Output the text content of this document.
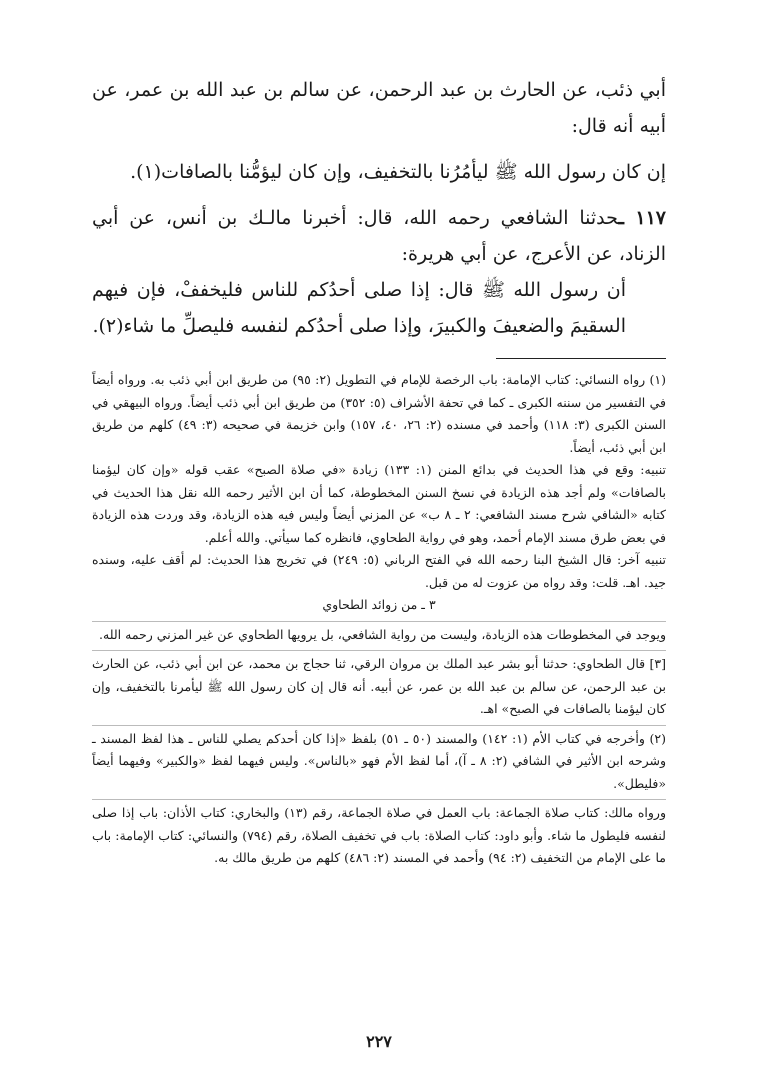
أبي ذئب، عن الحارث بن عبد الرحمن، عن سالم بن عبد الله بن عمر، عن أبيه أنه قال:

إن كان رسول الله ﷺ ليأمُرُنا بالتخفيف، وإن كان ليؤمُّنا بالصافات(١).

١١٧ ـحدثنا الشافعي رحمه الله، قال: أخبرنا مالـك بن أنس، عن أبي الزناد، عن الأعرج، عن أبي هريرة:

أن رسول الله ﷺ قال: إذا صلى أحدُكم للناس فليخففْ، فإن فيهم السقيمَ والضعيفَ والكبيرَ، وإذا صلى أحدُكم لنفسه فليصلِّ ما شاء(٢).

(١) رواه النسائي: كتاب الإمامة: باب الرخصة للإمام في التطويل (٢: ٩٥) من طريق ابن أبي ذئب به. ورواه أيضاً في التفسير من سننه الكبرى ـ كما في تحفة الأشراف (٥: ٣٥٢) من طريق ابن أبي ذئب أيضاً. ورواه البيهقي في السنن الكبرى (٣: ١١٨) وأحمد في مسنده (٢: ٢٦، ٤٠، ١٥٧) وابن خزيمة في صحيحه (٣: ٤٩) كلهم من طريق ابن أبي ذئب، أيضاً.

تنبيه: وقع في هذا الحديث في بدائع المنن (١: ١٣٣) زيادة «في صلاة الصبح» عقب قوله «وإن كان ليؤمنا بالصافات» ولم أجد هذه الزيادة في نسخ السنن المخطوطة، كما أن ابن الأثير رحمه الله نقل هذا الحديث في كتابه «الشافي شرح مسند الشافعي: ٢ ـ ٨ ب» عن المزني أيضاً وليس فيه هذه الزيادة، وقد وردت هذه الزيادة في بعض طرق مسند الإمام أحمد، وهو في رواية الطحاوي، فانظره كما سيأتي. والله أعلم.

تنبيه آخر: قال الشيخ البنا رحمه الله في الفتح الرباني (٥: ٢٤٩) في تخريج هذا الحديث: لم أقف عليه، وسنده جيد. اهـ. قلت: وقد رواه من عزوت له من قبل.

٣ ـ من زوائد الطحاوي

ويوجد في المخطوطات هذه الزيادة، وليست من رواية الشافعي، بل يرويها الطحاوي عن غير المزني رحمه الله.

[٣] قال الطحاوي: حدثنا أبو بشر عبد الملك بن مروان الرقي، ثنا حجاج بن محمد، عن ابن أبي ذئب، عن الحارث بن عبد الرحمن، عن سالم بن عبد الله بن عمر، عن أبيه. أنه قال إن كان رسول الله ﷺ ليأمرنا بالتخفيف، وإن كان ليؤمنا بالصافات في الصبح» اهـ.

(٢) وأخرجه في كتاب الأم (١: ١٤٢) والمسند (٥٠ ـ ٥١) بلفظ «إذا كان أحدكم يصلي للناس ـ هذا لفظ المسند ـ وشرحه ابن الأثير في الشافي (٢: ٨ ـ آ)، أما لفظ الأم فهو «بالناس». وليس فيهما لفظ «والكبير» وفيهما أيضاً «فليطل».

ورواه مالك: كتاب صلاة الجماعة: باب العمل في صلاة الجماعة، رقم (١٣) والبخاري: كتاب الأذان: باب إذا صلى لنفسه فليطول ما شاء. وأبو داود: كتاب الصلاة: باب في تخفيف الصلاة، رقم (٧٩٤) والنسائي: كتاب الإمامة: باب ما على الإمام من التخفيف (٢: ٩٤) وأحمد في المسند (٢: ٤٨٦) كلهم من طريق مالك به.

٢٢٧
